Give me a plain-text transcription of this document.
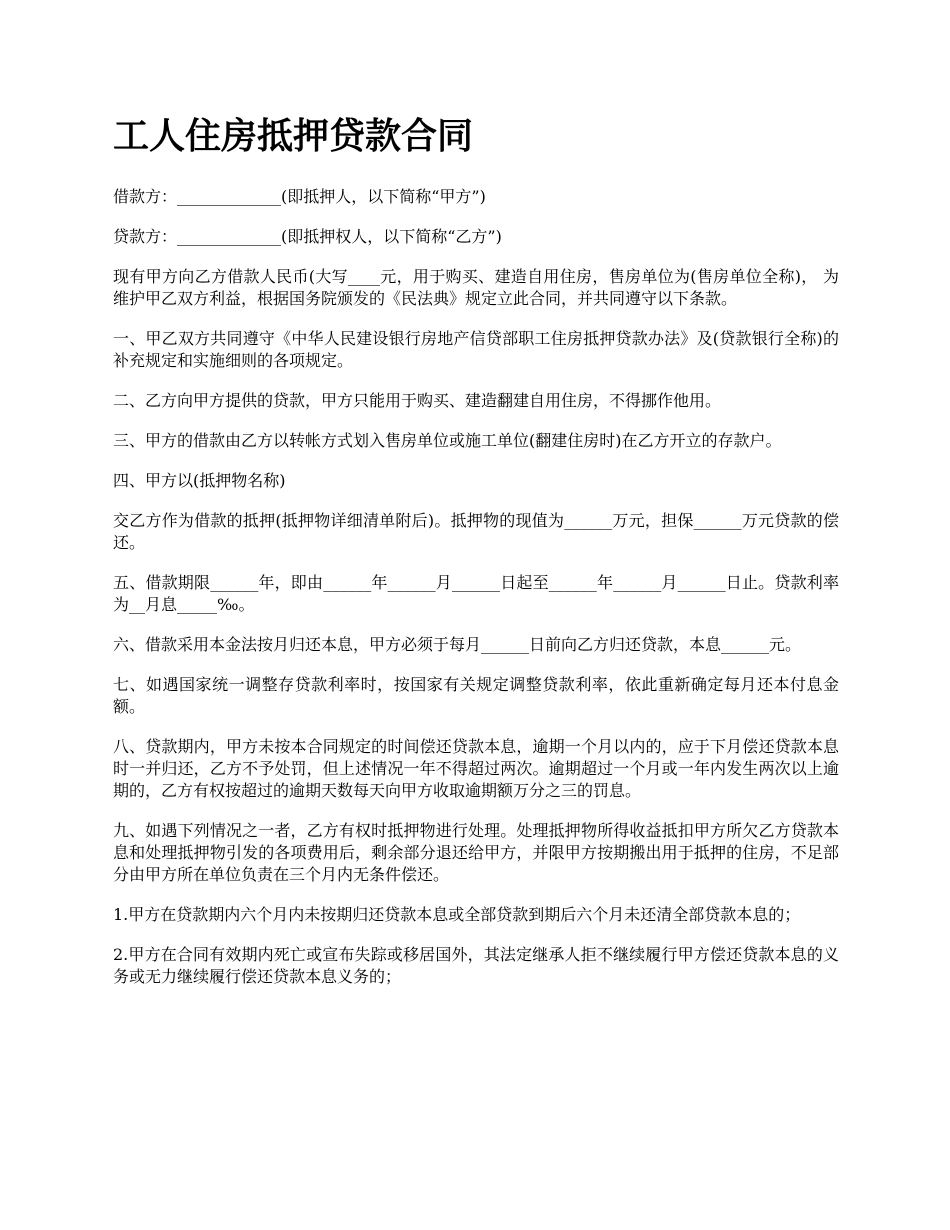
工人住房抵押贷款合同

借款方：_____________(即抵押人，以下简称“甲方”)

贷款方：_____________(即抵押权人，以下简称“乙方”)

现有甲方向乙方借款人民币(大写____元，用于购买、建造自用住房，售房单位为(售房单位全称)， 为维护甲乙双方利益，根据国务院颁发的《民法典》规定立此合同，并共同遵守以下条款。

一、甲乙双方共同遵守《中华人民建设银行房地产信贷部职工住房抵押贷款办法》及(贷款银行全称)的补充规定和实施细则的各项规定。

二、乙方向甲方提供的贷款，甲方只能用于购买、建造翻建自用住房，不得挪作他用。

三、甲方的借款由乙方以转帐方式划入售房单位或施工单位(翻建住房时)在乙方开立的存款户。

四、甲方以(抵押物名称)

交乙方作为借款的抵押(抵押物详细清单附后)。抵押物的现值为______万元，担保______万元贷款的偿还。

五、借款期限______年，即由______年______月______日起至______年______月______日止。贷款利率为__月息_____‰。

六、借款采用本金法按月归还本息，甲方必须于每月______日前向乙方归还贷款，本息______元。

七、如遇国家统一调整存贷款利率时，按国家有关规定调整贷款利率，依此重新确定每月还本付息金额。

八、贷款期内，甲方未按本合同规定的时间偿还贷款本息，逾期一个月以内的，应于下月偿还贷款本息时一并归还，乙方不予处罚，但上述情况一年不得超过两次。逾期超过一个月或一年内发生两次以上逾期的，乙方有权按超过的逾期天数每天向甲方收取逾期额万分之三的罚息。

九、如遇下列情况之一者，乙方有权时抵押物进行处理。处理抵押物所得收益抵扣甲方所欠乙方贷款本息和处理抵押物引发的各项费用后，剩余部分退还给甲方，并限甲方按期搬出用于抵押的住房，不足部分由甲方所在单位负责在三个月内无条件偿还。

1.甲方在贷款期内六个月内未按期归还贷款本息或全部贷款到期后六个月未还清全部贷款本息的；

2.甲方在合同有效期内死亡或宣布失踪或移居国外，其法定继承人拒不继续履行甲方偿还贷款本息的义务或无力继续履行偿还贷款本息义务的；
